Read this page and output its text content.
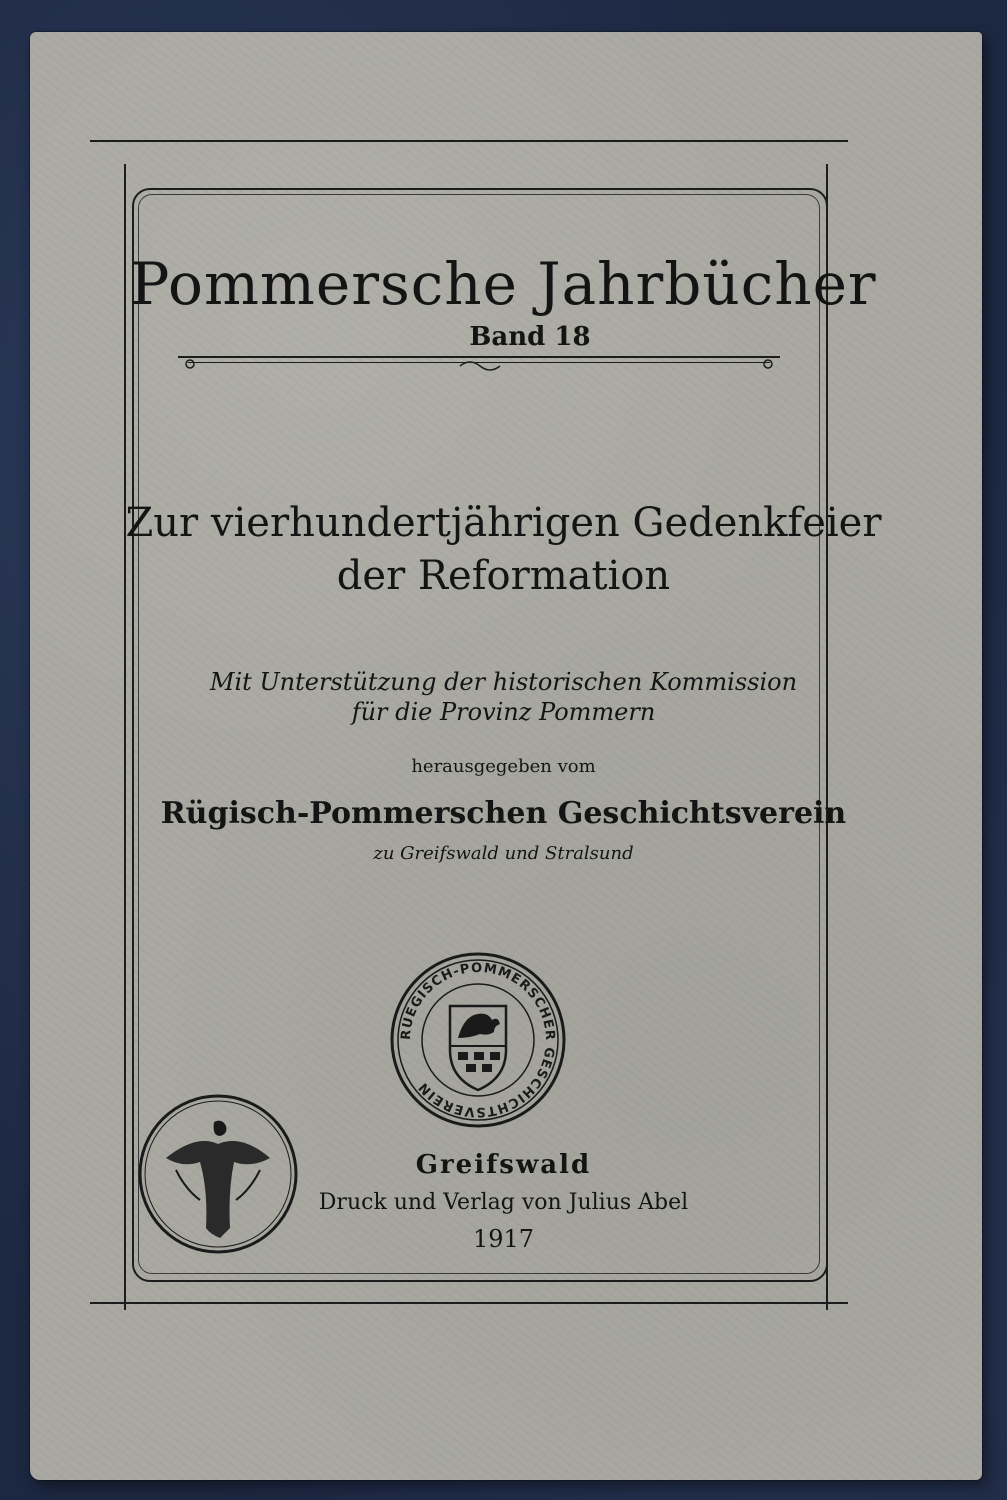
Pommersche Jahrbücher
Band 18
Zur vierhundertjährigen Gedenkfeier
der Reformation
Mit Unterstützung der historischen Kommission
für die Provinz Pommern
herausgegeben vom
Rügisch-Pommerschen Geschichtsverein
zu Greifswald und Stralsund
RUEGISCH-POMMERSCHER GESCHICHTSVEREIN
Greifswald
Druck und Verlag von Julius Abel
1917
